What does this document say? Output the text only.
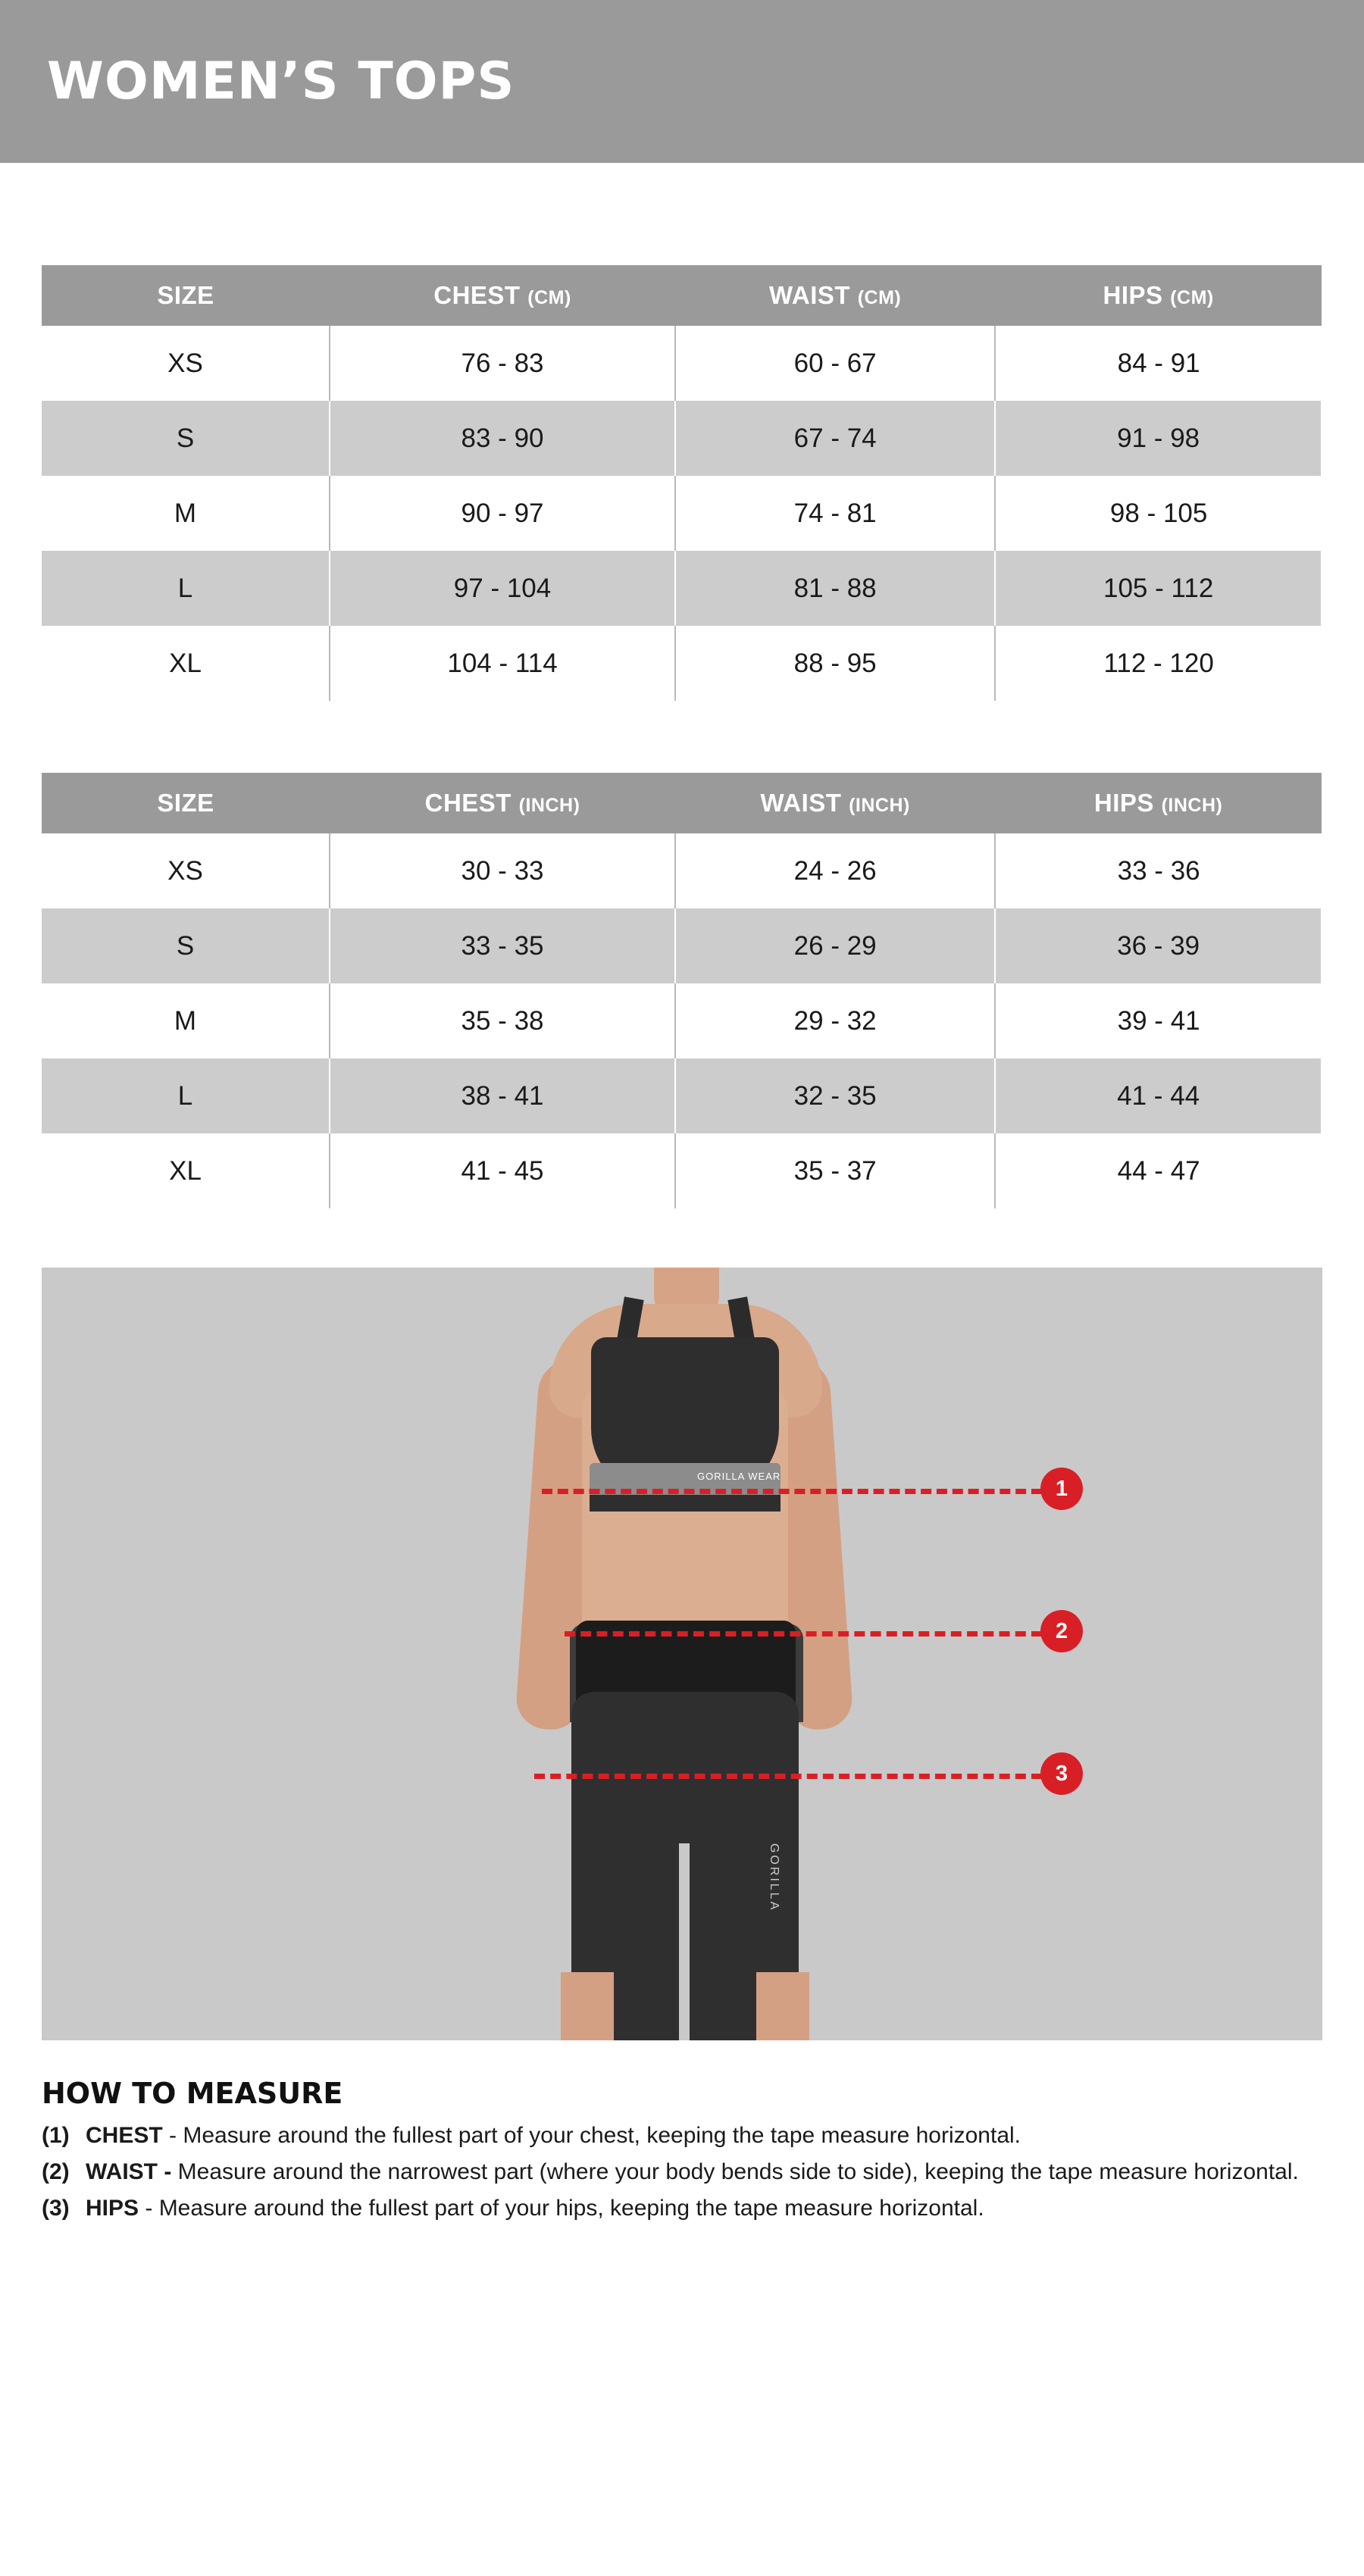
WOMEN’S TOPS
SIZE	CHEST (CM)	WAIST (CM)	HIPS (CM)
XS	76 - 83	60 - 67	84 - 91
S	83 - 90	67 - 74	91 - 98
M	90 - 97	74 - 81	98 - 105
L	97 - 104	81 - 88	105 - 112
XL	104 - 114	88 - 95	112 - 120
SIZE	CHEST (INCH)	WAIST (INCH)	HIPS (INCH)
XS	30 - 33	24 - 26	33 - 36
S	33 - 35	26 - 29	36 - 39
M	35 - 38	29 - 32	39 - 41
L	38 - 41	32 - 35	41 - 44
XL	41 - 45	35 - 37	44 - 47
GORILLA WEAR
GORILLA
1
2
3
HOW TO MEASURE
(1) CHEST - Measure around the fullest part of your chest, keeping the tape measure horizontal.
(2) WAIST - Measure around the narrowest part (where your body bends side to side), keeping the tape measure horizontal.
(3) HIPS - Measure around the fullest part of your hips, keeping the tape measure horizontal.
